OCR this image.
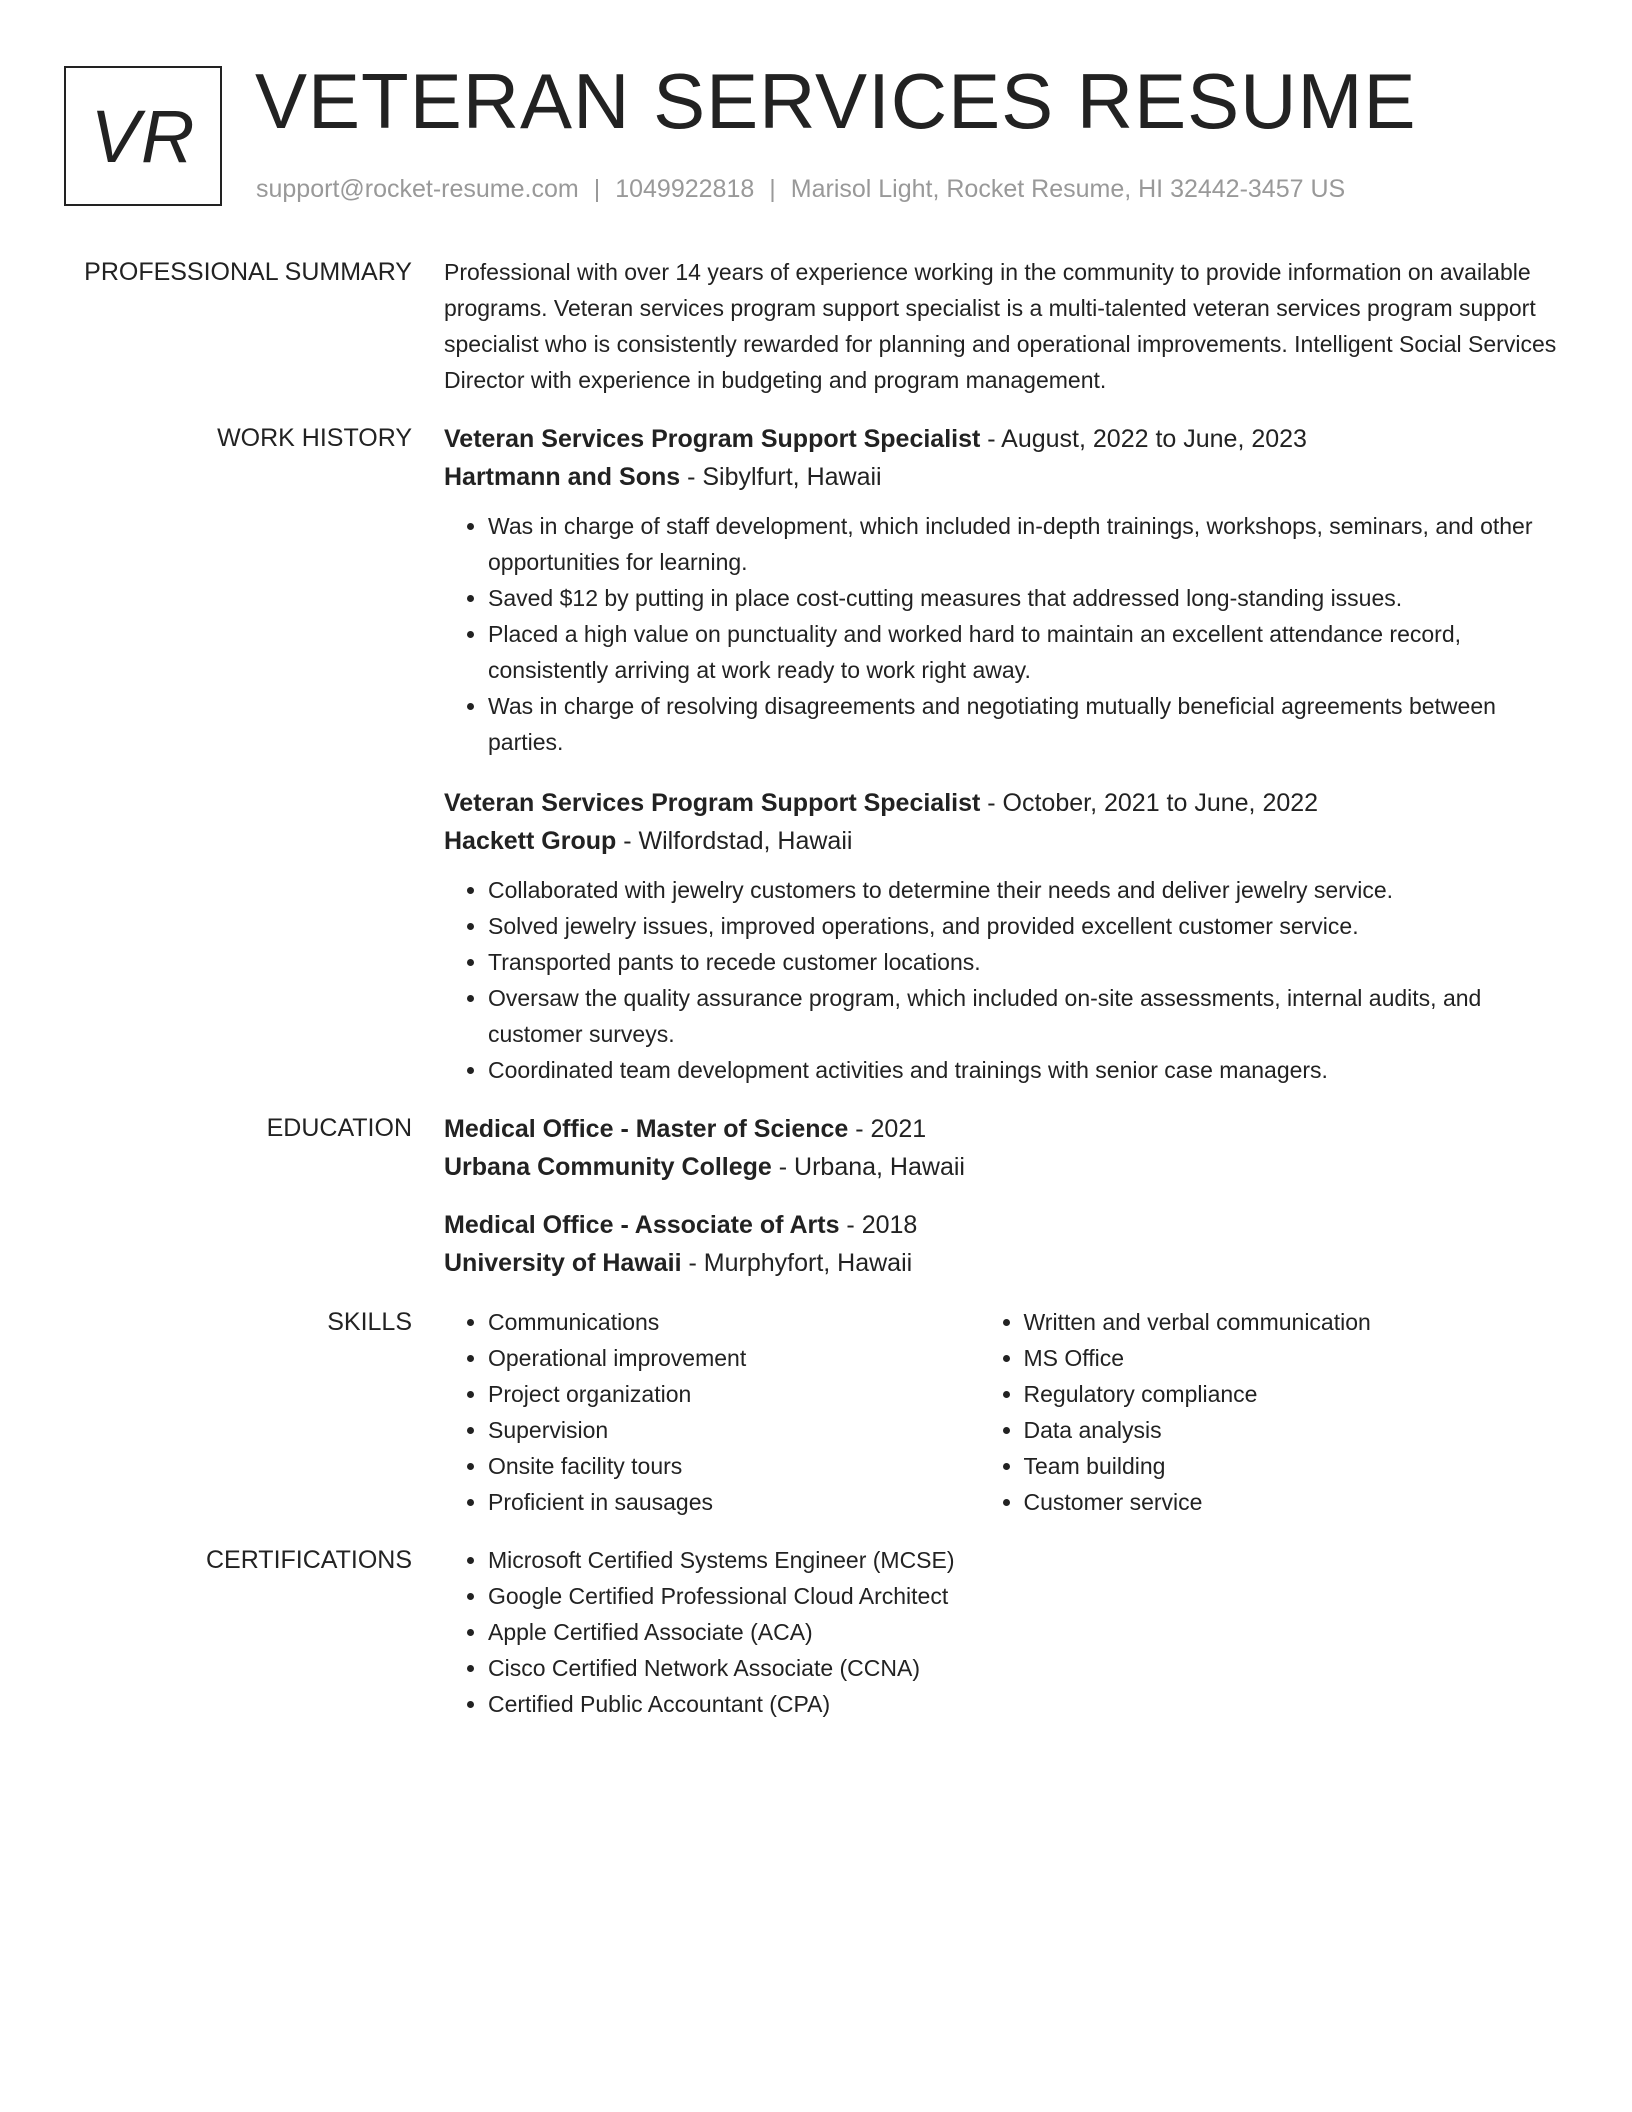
VR VETERAN SERVICES RESUME
support@rocket-resume.com | 1049922818 | Marisol Light, Rocket Resume, HI 32442-3457 US
PROFESSIONAL SUMMARY Professional with over 14 years of experience working in the community to provide information on available programs. Veteran services program support specialist is a multi-talented veteran services program support specialist who is consistently rewarded for planning and operational improvements. Intelligent Social Services Director with experience in budgeting and program management.

WORK HISTORY Veteran Services Program Support Specialist - August, 2022 to June, 2023
Hartmann and Sons - Sibylfurt, Hawaii
• Was in charge of staff development, which included in-depth trainings, workshops, seminars, and other opportunities for learning.
• Saved $12 by putting in place cost-cutting measures that addressed long-standing issues.
• Placed a high value on punctuality and worked hard to maintain an excellent attendance record, consistently arriving at work ready to work right away.
• Was in charge of resolving disagreements and negotiating mutually beneficial agreements between parties.
Veteran Services Program Support Specialist - October, 2021 to June, 2022
Hackett Group - Wilfordstad, Hawaii
• Collaborated with jewelry customers to determine their needs and deliver jewelry service.
• Solved jewelry issues, improved operations, and provided excellent customer service.
• Transported pants to recede customer locations.
• Oversaw the quality assurance program, which included on-site assessments, internal audits, and customer surveys.
• Coordinated team development activities and trainings with senior case managers.
EDUCATION Medical Office - Master of Science - 2021
Urbana Community College - Urbana, Hawaii
Medical Office - Associate of Arts - 2018
University of Hawaii - Murphyfort, Hawaii
SKILLS	• Communications
• Operational improvement
• Project organization
• Supervision
• Onsite facility tours
• Proficient in sausages
• Written and verbal communication
• MS Office
• Regulatory compliance
• Data analysis
• Team building
• Customer service
CERTIFICATIONS	• Microsoft Certified Systems Engineer (MCSE)
• Google Certified Professional Cloud Architect
• Apple Certified Associate (ACA)
• Cisco Certified Network Associate (CCNA)
• Certified Public Accountant (CPA)
